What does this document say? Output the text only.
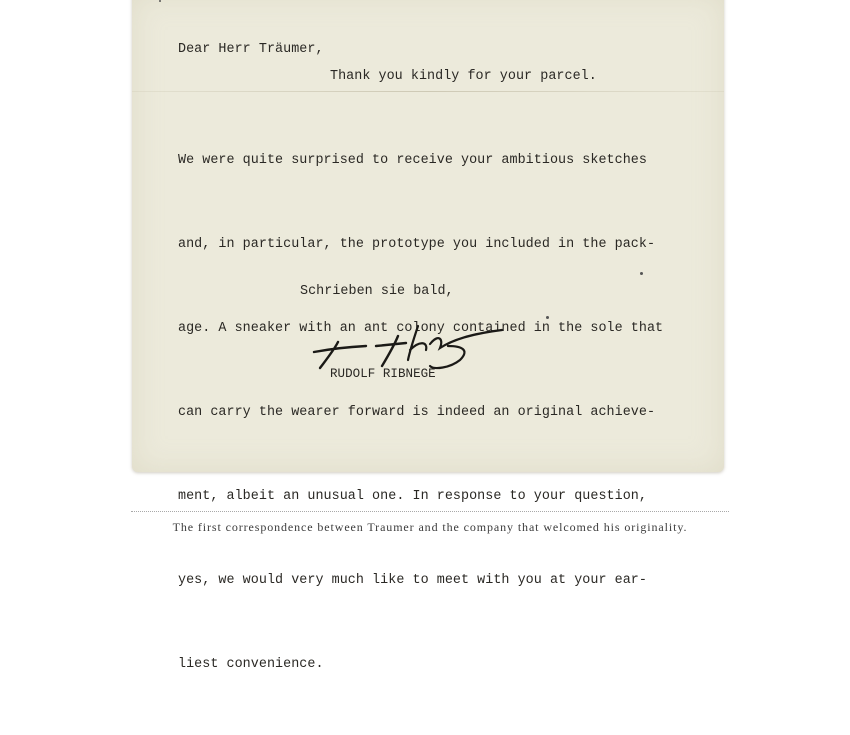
Dear Herr Träumer,
Thank you kindly for your parcel.

We were quite surprised to receive your ambitious sketches

and, in particular, the prototype you included in the pack-

age. A sneaker with an ant colony contained in the sole that

can carry the wearer forward is indeed an original achieve-

ment, albeit an unusual one. In response to your question,

yes, we would very much like to meet with you at your ear-

liest convenience.

Schrieben sie bald,
RUDOLF RIBNEGE
The first correspondence between Traumer and the company that welcomed his originality.
